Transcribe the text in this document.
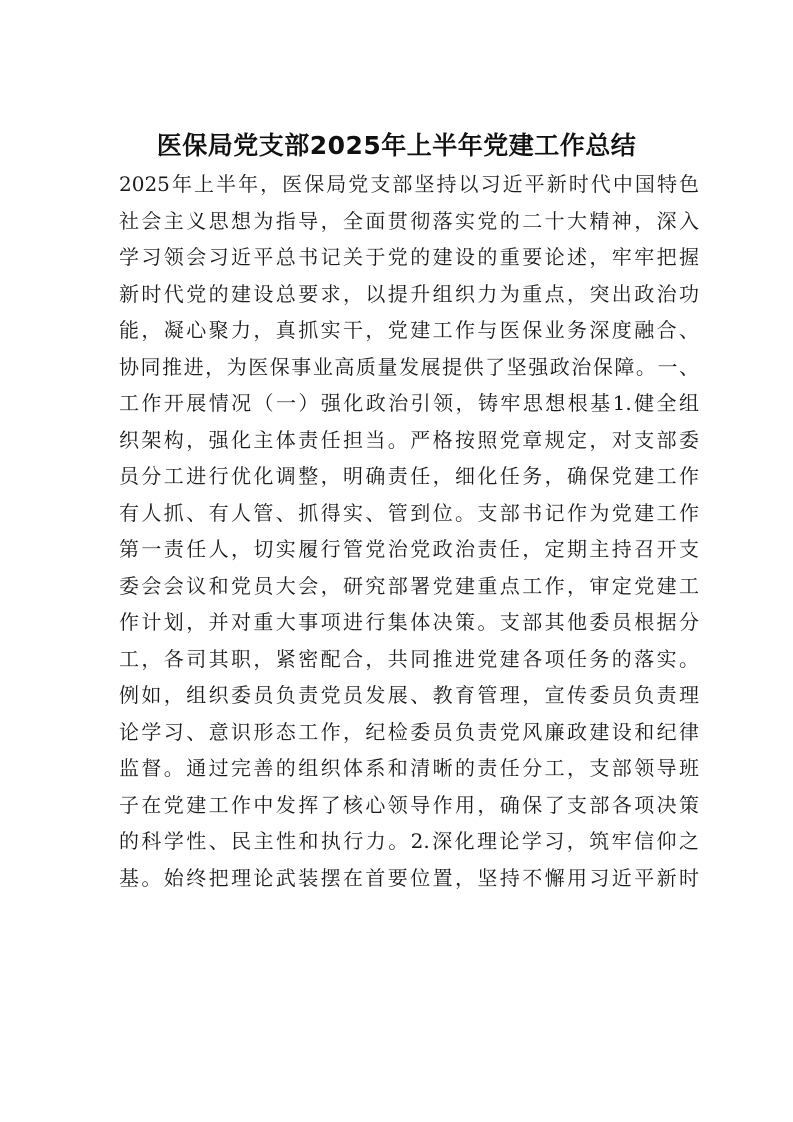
医保局党支部2025年上半年党建工作总结
2025年上半年，医保局党支部坚持以习近平新时代中国特色
社会主义思想为指导，全面贯彻落实党的二十大精神，深入
学习领会习近平总书记关于党的建设的重要论述，牢牢把握
新时代党的建设总要求，以提升组织力为重点，突出政治功
能，凝心聚力，真抓实干，党建工作与医保业务深度融合、
协同推进，为医保事业高质量发展提供了坚强政治保障。一、
工作开展情况（一）强化政治引领，铸牢思想根基1.健全组
织架构，强化主体责任担当。严格按照党章规定，对支部委
员分工进行优化调整，明确责任，细化任务，确保党建工作
有人抓、有人管、抓得实、管到位。支部书记作为党建工作
第一责任人，切实履行管党治党政治责任，定期主持召开支
委会会议和党员大会，研究部署党建重点工作，审定党建工
作计划，并对重大事项进行集体决策。支部其他委员根据分
工，各司其职，紧密配合，共同推进党建各项任务的落实。
例如，组织委员负责党员发展、教育管理，宣传委员负责理
论学习、意识形态工作，纪检委员负责党风廉政建设和纪律
监督。通过完善的组织体系和清晰的责任分工，支部领导班
子在党建工作中发挥了核心领导作用，确保了支部各项决策
的科学性、民主性和执行力。2.深化理论学习，筑牢信仰之
基。始终把理论武装摆在首要位置，坚持不懈用习近平新时
